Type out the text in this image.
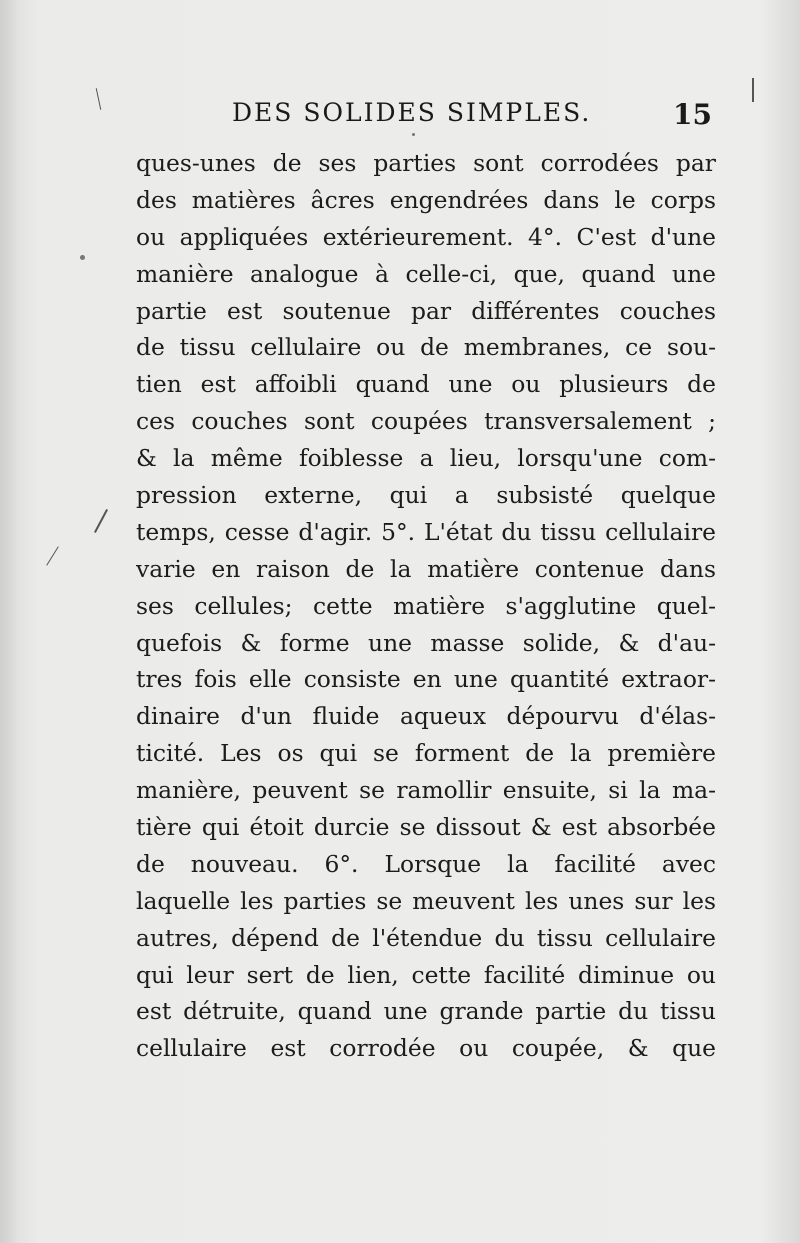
DES SOLIDES SIMPLES.	15
ques-unes de ses parties sont corrodées par
des matières âcres engendrées dans le corps
ou appliquées extérieurement. 4°. C'est d'une
manière analogue à celle-ci, que, quand une
partie est soutenue par différentes couches
de tissu cellulaire ou de membranes, ce sou-
tien est affoibli quand une ou plusieurs de
ces couches sont coupées transversalement ;
& la même foiblesse a lieu, lorsqu'une com-
pression externe, qui a subsisté quelque
temps, cesse d'agir. 5°. L'état du tissu cellulaire
varie en raison de la matière contenue dans
ses cellules; cette matière s'agglutine quel-
quefois & forme une masse solide, & d'au-
tres fois elle consiste en une quantité extraor-
dinaire d'un fluide aqueux dépourvu d'élas-
ticité. Les os qui se forment de la première
manière, peuvent se ramollir ensuite, si la ma-
tière qui étoit durcie se dissout & est absorbée
de nouveau. 6°. Lorsque la facilité avec
laquelle les parties se meuvent les unes sur les
autres, dépend de l'étendue du tissu cellulaire
qui leur sert de lien, cette facilité diminue ou
est détruite, quand une grande partie du tissu
cellulaire est corrodée ou coupée, & que
